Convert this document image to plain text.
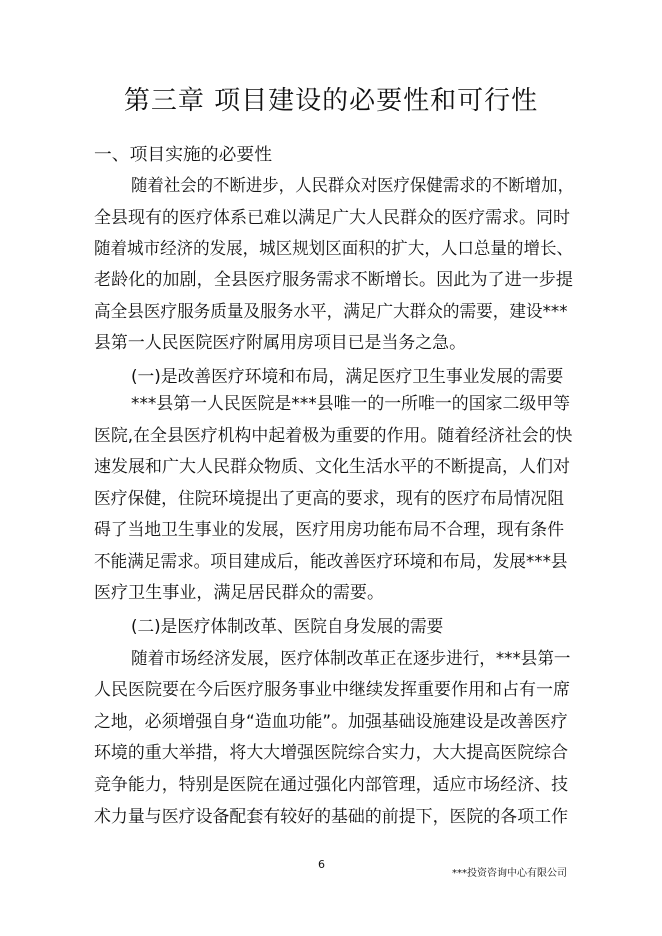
第三章 项目建设的必要性和可行性
一、项目实施的必要性
随着社会的不断进步，人民群众对医疗保健需求的不断增加，
全县现有的医疗体系已难以满足广大人民群众的医疗需求。同时
随着城市经济的发展，城区规划区面积的扩大，人口总量的增长、
老龄化的加剧，全县医疗服务需求不断增长。因此为了进一步提
高全县医疗服务质量及服务水平，满足广大群众的需要，建设***
县第一人民医院医疗附属用房项目已是当务之急。
(一)是改善医疗环境和布局，满足医疗卫生事业发展的需要
***县第一人民医院是***县唯一的一所唯一的国家二级甲等
医院,在全县医疗机构中起着极为重要的作用。随着经济社会的快
速发展和广大人民群众物质、文化生活水平的不断提高，人们对
医疗保健，住院环境提出了更高的要求，现有的医疗布局情况阻
碍了当地卫生事业的发展，医疗用房功能布局不合理，现有条件
不能满足需求。项目建成后，能改善医疗环境和布局，发展***县
医疗卫生事业，满足居民群众的需要。
(二)是医疗体制改革、医院自身发展的需要
随着市场经济发展，医疗体制改革正在逐步进行，***县第一
人民医院要在今后医疗服务事业中继续发挥重要作用和占有一席
之地，必须增强自身“造血功能”。加强基础设施建设是改善医疗
环境的重大举措，将大大增强医院综合实力，大大提高医院综合
竞争能力，特别是医院在通过强化内部管理，适应市场经济、技
术力量与医疗设备配套有较好的基础的前提下，医院的各项工作
6
***投资咨询中心有限公司
